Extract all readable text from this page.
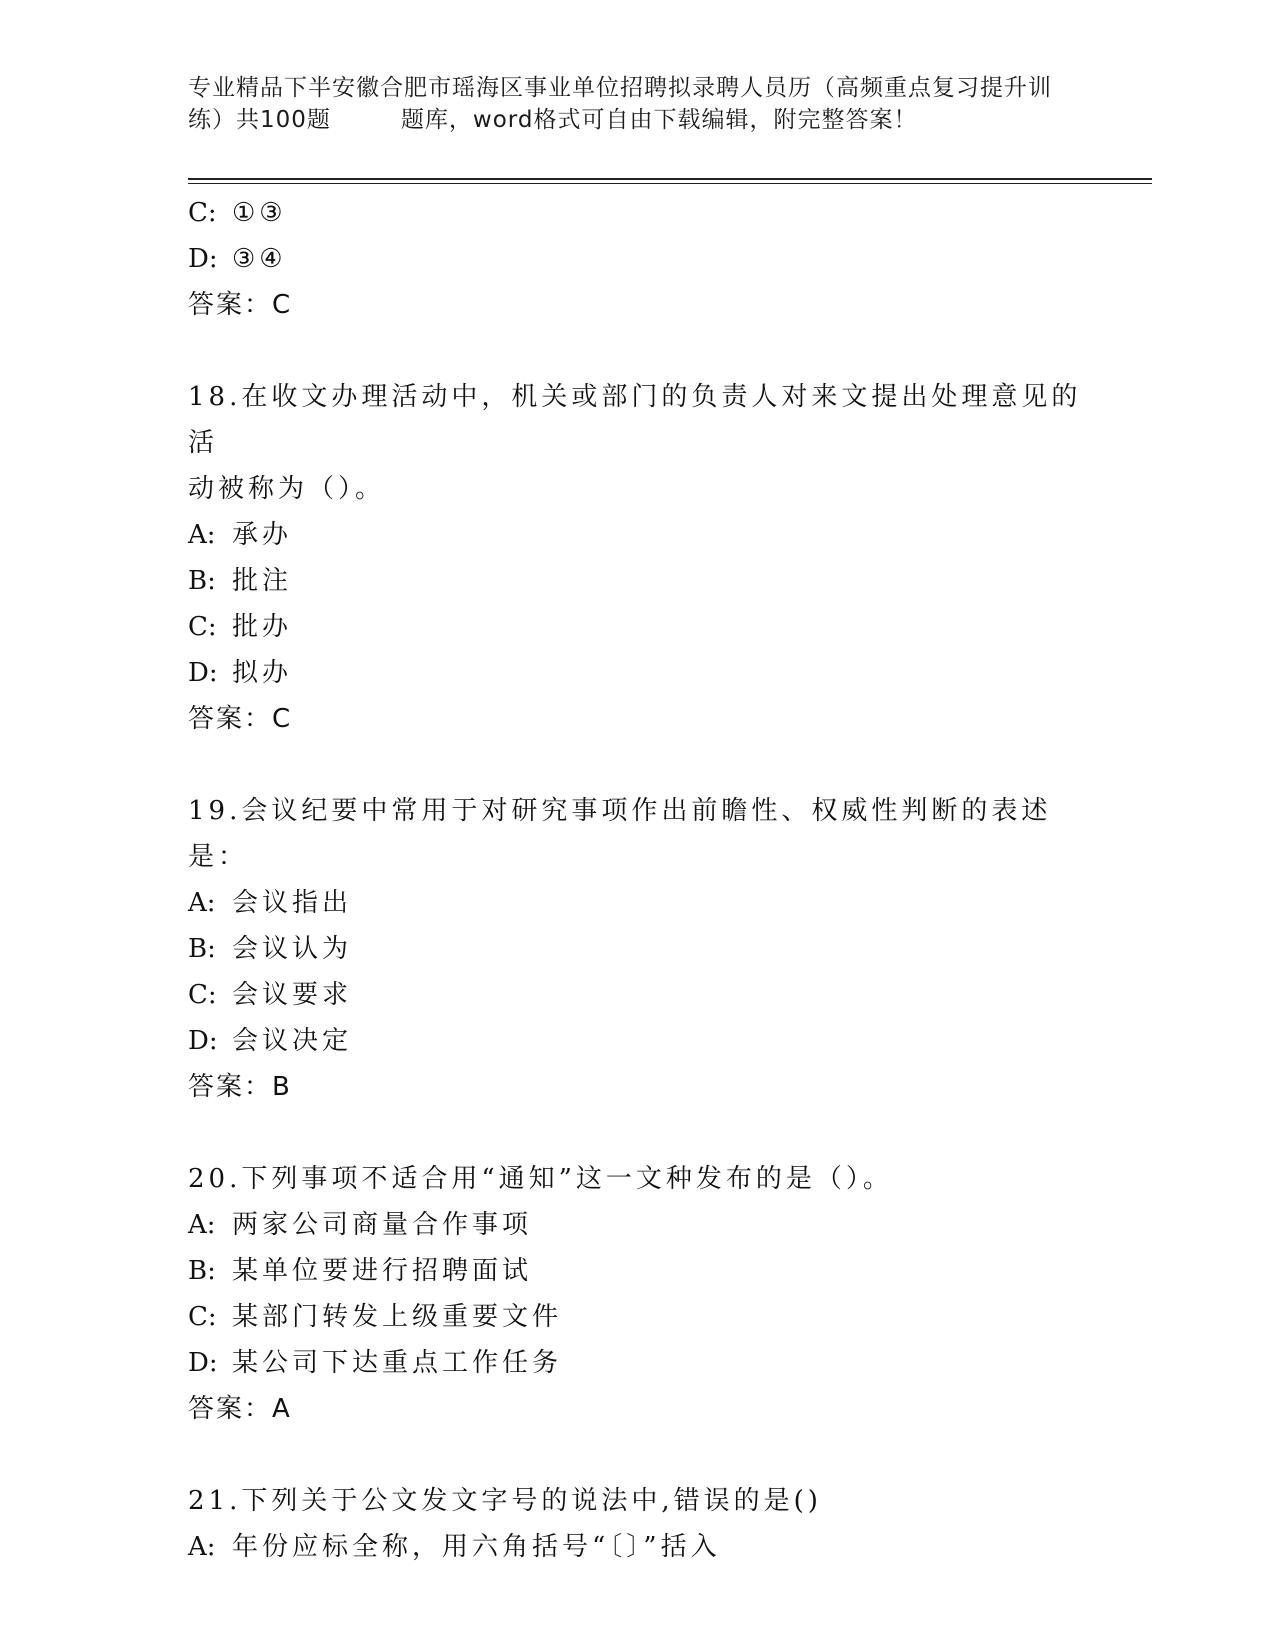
专业精品下半安徽合肥市瑶海区事业单位招聘拟录聘人员历（高频重点复习提升训
练）共100题	题库，word格式可自由下载编辑，附完整答案！
C: ①③
D: ③④
答案：C
18.在收文办理活动中，机关或部门的负责人对来文提出处理意见的活
动被称为（）。
A: 承办
B: 批注
C: 批办
D: 拟办
答案：C
19.会议纪要中常用于对研究事项作出前瞻性、权威性判断的表述是：
A: 会议指出
B: 会议认为
C: 会议要求
D: 会议决定
答案：B
20.下列事项不适合用“通知”这一文种发布的是（）。
A: 两家公司商量合作事项
B: 某单位要进行招聘面试
C: 某部门转发上级重要文件
D: 某公司下达重点工作任务
答案：A
21.下列关于公文发文字号的说法中,错误的是()
A: 年份应标全称，用六角括号“〔〕”括入
